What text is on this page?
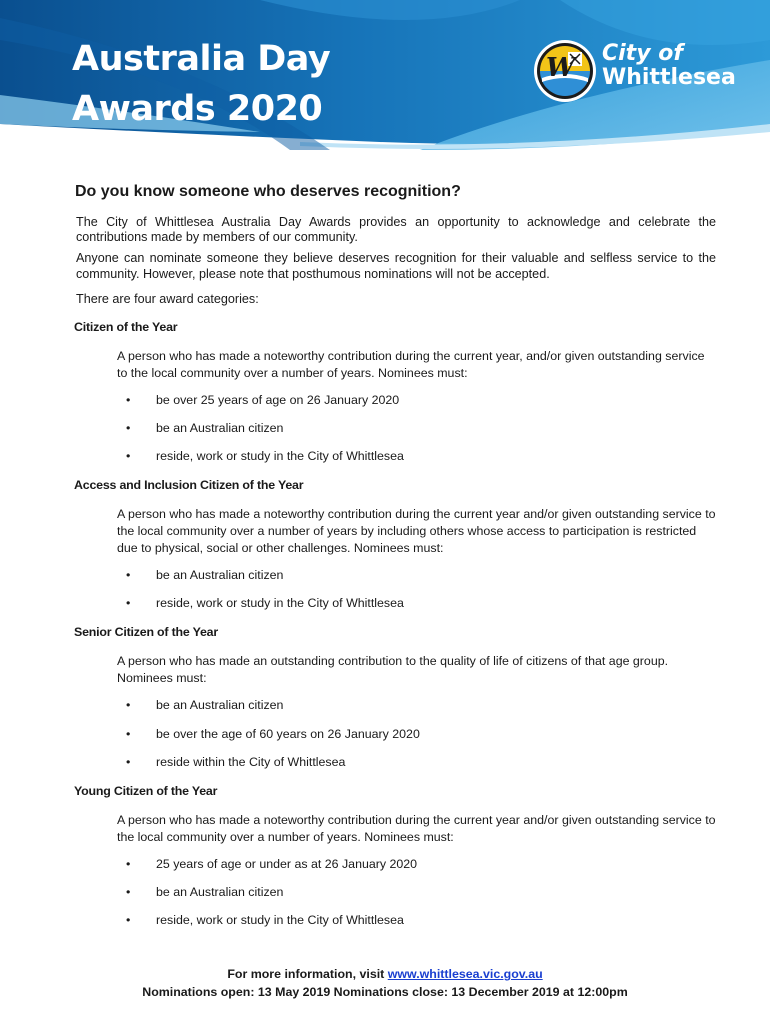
Australia Day
Awards 2020
W City of
Whittlesea
Do you know someone who deserves recognition?
The City of Whittlesea Australia Day Awards provides an opportunity to acknowledge and celebrate the contributions made by members of our community.
Anyone can nominate someone they believe deserves recognition for their valuable and selfless service to the community. However, please note that posthumous nominations will not be accepted.
There are four award categories:
Citizen of the Year
A person who has made a noteworthy contribution during the current year, and/or given outstanding service to the local community over a number of years. Nominees must:
• be over 25 years of age on 26 January 2020
• be an Australian citizen
• reside, work or study in the City of Whittlesea
Access and Inclusion Citizen of the Year
A person who has made a noteworthy contribution during the current year and/or given outstanding service to the local community over a number of years by including others whose access to participation is restricted due to physical, social or other challenges. Nominees must:
• be an Australian citizen
• reside, work or study in the City of Whittlesea
Senior Citizen of the Year
A person who has made an outstanding contribution to the quality of life of citizens of that age group. Nominees must:
• be an Australian citizen
• be over the age of 60 years on 26 January 2020
• reside within the City of Whittlesea
Young Citizen of the Year
A person who has made a noteworthy contribution during the current year and/or given outstanding service to the local community over a number of years. Nominees must:
• 25 years of age or under as at 26 January 2020
• be an Australian citizen
• reside, work or study in the City of Whittlesea
For more information, visit www.whittlesea.vic.gov.au
Nominations open: 13 May 2019 Nominations close: 13 December 2019 at 12:00pm
